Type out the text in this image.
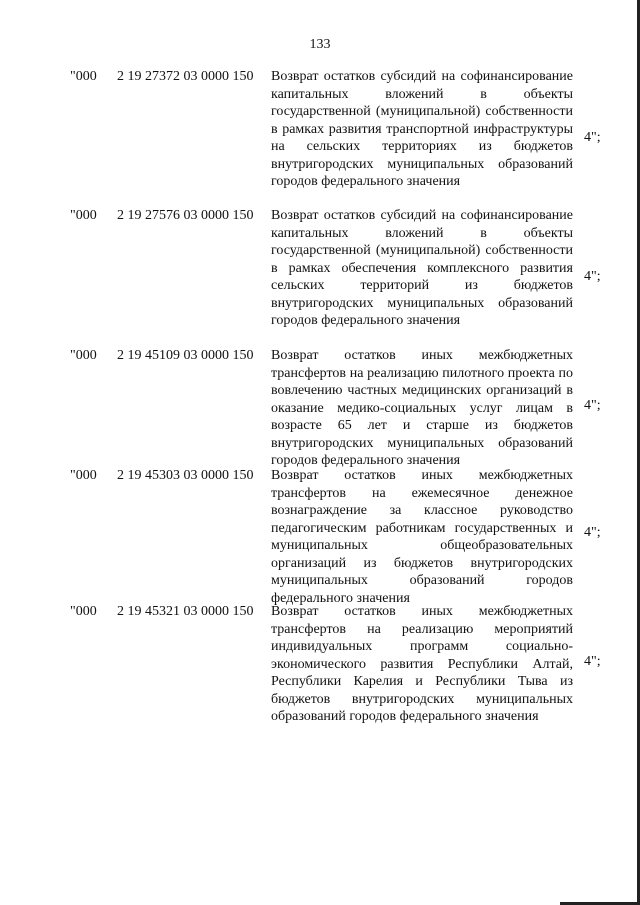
133
"000 2 19 27372 03 0000 150 Возврат остатков субсидий на софинансирование капитальных вложений в объекты государственной (муниципальной) собственности в рамках развития транспортной инфраструктуры на сельских территориях из бюджетов внутригородских муниципальных образований городов федерального значения
4";
"000 2 19 27576 03 0000 150 Возврат остатков субсидий на софинансирование капитальных вложений в объекты государственной (муниципальной) собственности в рамках обеспечения комплексного развития сельских территорий из бюджетов внутригородских муниципальных образований городов федерального значения
4";
"000 2 19 45109 03 0000 150 Возврат остатков иных межбюджетных трансфертов на реализацию пилотного проекта по вовлечению частных медицинских организаций в оказание медико-социальных услуг лицам в возрасте 65 лет и старше из бюджетов внутригородских муниципальных образований городов федерального значения
4";
"000 2 19 45303 03 0000 150 Возврат остатков иных межбюджетных трансфертов на ежемесячное денежное вознаграждение за классное руководство педагогическим работникам государственных и муниципальных общеобразовательных организаций из бюджетов внутригородских муниципальных образований городов федерального значения
4";
"000 2 19 45321 03 0000 150 Возврат остатков иных межбюджетных трансфертов на реализацию мероприятий индивидуальных программ социально-экономического развития Республики Алтай, Республики Карелия и Республики Тыва из бюджетов внутригородских муниципальных образований городов федерального значения
4";
